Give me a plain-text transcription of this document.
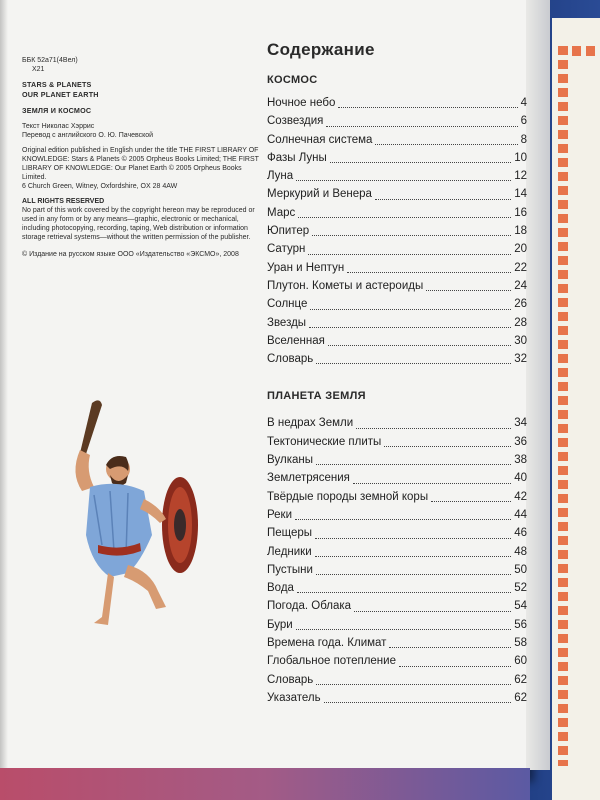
ББК 52а71(4Вел)
Х21
STARS & PLANETS
OUR PLANET EARTH
ЗЕМЛЯ И КОСМОС
Текст Николас Хэррис
Перевод с английского О. Ю. Пачевской
Original edition published in English under the title THE FIRST LIBRARY OF KNOWLEDGE: Stars & Planets © 2005 Orpheus Books Limited; THE FIRST LIBRARY OF KNOWLEDGE: Our Planet Earth © 2005 Orpheus Books Limited.
6 Church Green, Witney, Oxfordshire, OX 28 4AW
ALL RIGHTS RESERVED
No part of this work covered by the copyright hereon may be reproduced or used in any form or by any means—graphic, electronic or mechanical, including photocopying, recording, taping, Web distribution or information storage retrieval systems—without the written permission of the publisher.
© Издание на русском языке ООО «Издательство «ЭКСМО», 2008
Содержание
КОСМОС
Ночное небо	4
Созвездия	6
Солнечная система	8
Фазы Луны	10
Луна	12
Меркурий и Венера	14
Марс	16
Юпитер	18
Сатурн	20
Уран и Нептун	22
Плутон. Кометы и астероиды	24
Солнце	26
Звезды	28
Вселенная	30
Словарь	32
ПЛАНЕТА ЗЕМЛЯ
В недрах Земли	34
Тектонические плиты	36
Вулканы	38
Землетрясения	40
Твёрдые породы земной коры	42
Реки	44
Пещеры	46
Ледники	48
Пустыни	50
Вода	52
Погода. Облака	54
Бури	56
Времена года. Климат	58
Глобальное потепление	60
Словарь	62
Указатель	62
